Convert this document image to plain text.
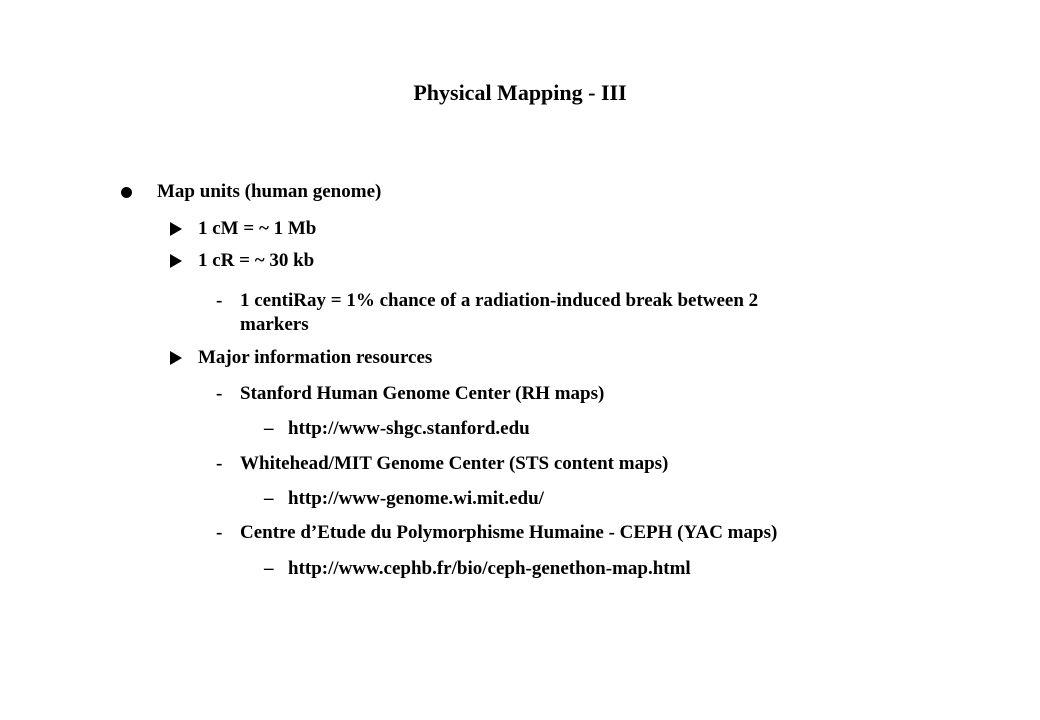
Physical Mapping - III
Map units (human genome)
1 cM = ~ 1 Mb
1 cR = ~ 30 kb
- 1 centiRay = 1% chance of a radiation-induced break between 2
markers
Major information resources
- Stanford Human Genome Center (RH maps)
– http://www-shgc.stanford.edu
- Whitehead/MIT Genome Center (STS content maps)
– http://www-genome.wi.mit.edu/
- Centre d’Etude du Polymorphisme Humaine - CEPH (YAC maps)
– http://www.cephb.fr/bio/ceph-genethon-map.html
